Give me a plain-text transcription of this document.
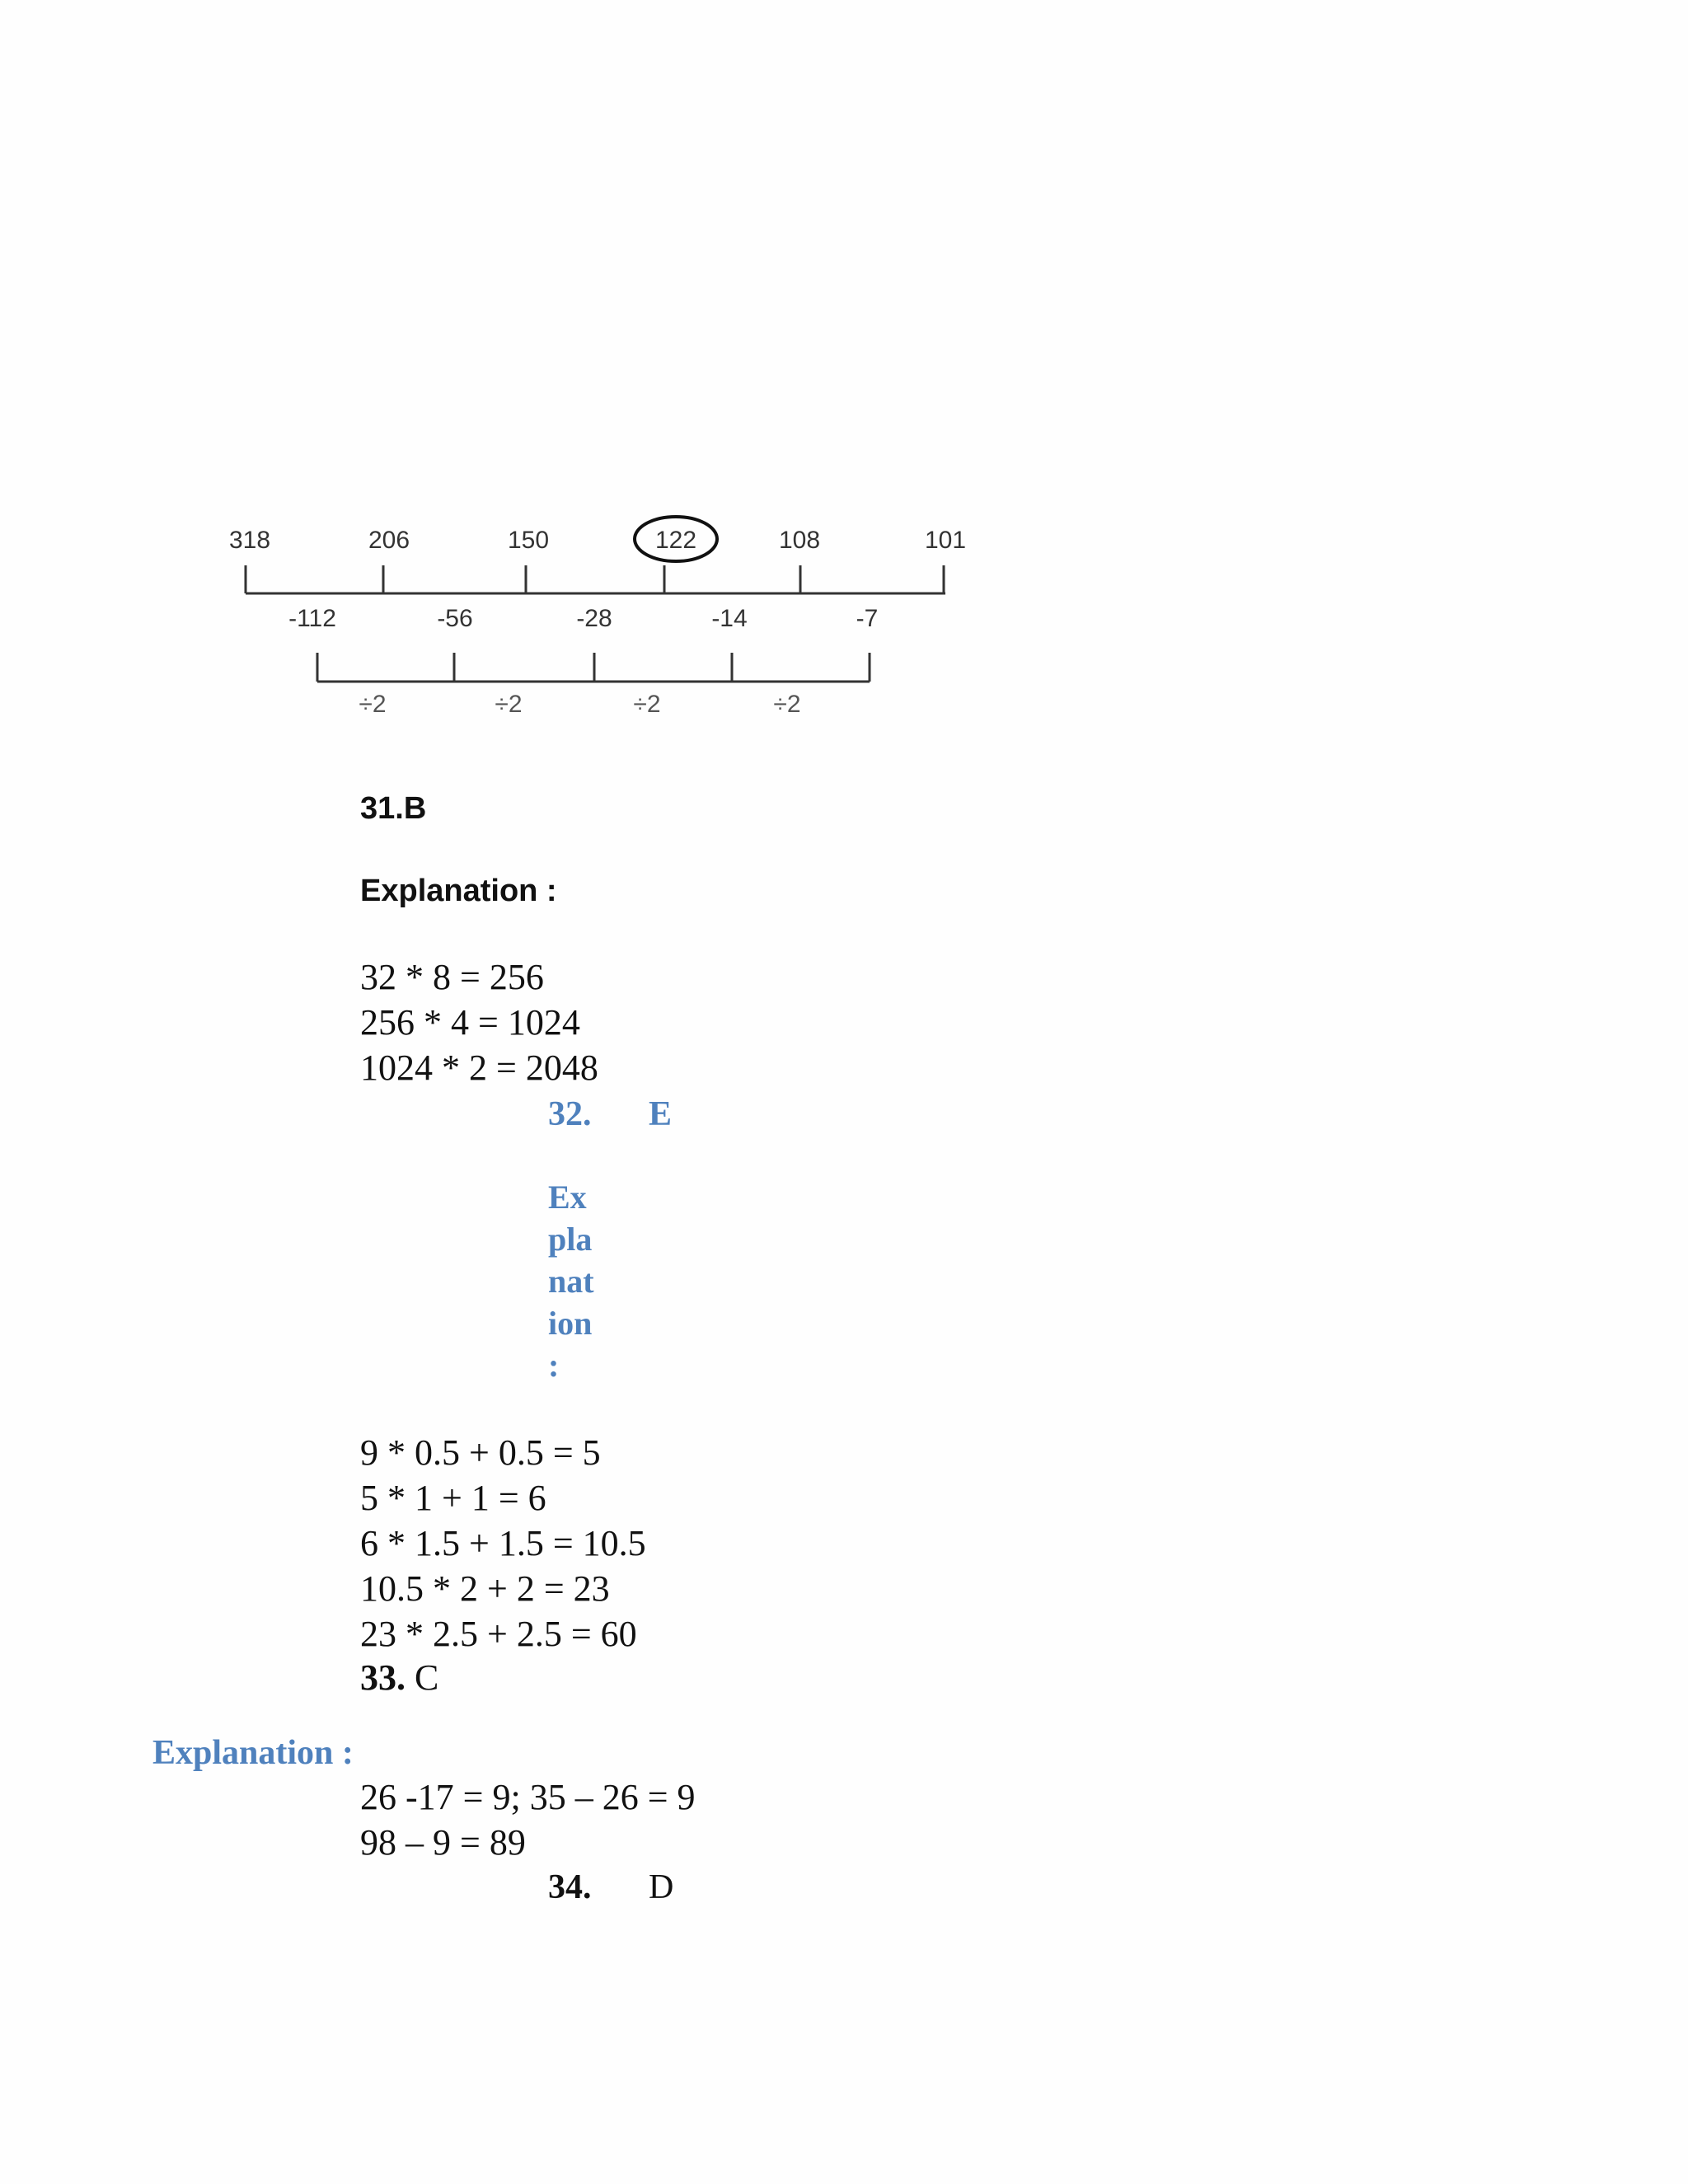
318	206	150	122	108	101
-112	-56	-28	-14	-7
÷2	÷2	÷2	÷2
31.B
Explanation :
32 * 8 = 256
256 * 4 = 1024
1024 * 2 = 2048
32. E
Explanation :
9 * 0.5 + 0.5 = 5
5 * 1 + 1 = 6
6 * 1.5 + 1.5 = 10.5
10.5 * 2 + 2 = 23
23 * 2.5 + 2.5 = 60
33. C
Explanation :
26 -17 = 9; 35 – 26 = 9
98 – 9 = 89
34. D
